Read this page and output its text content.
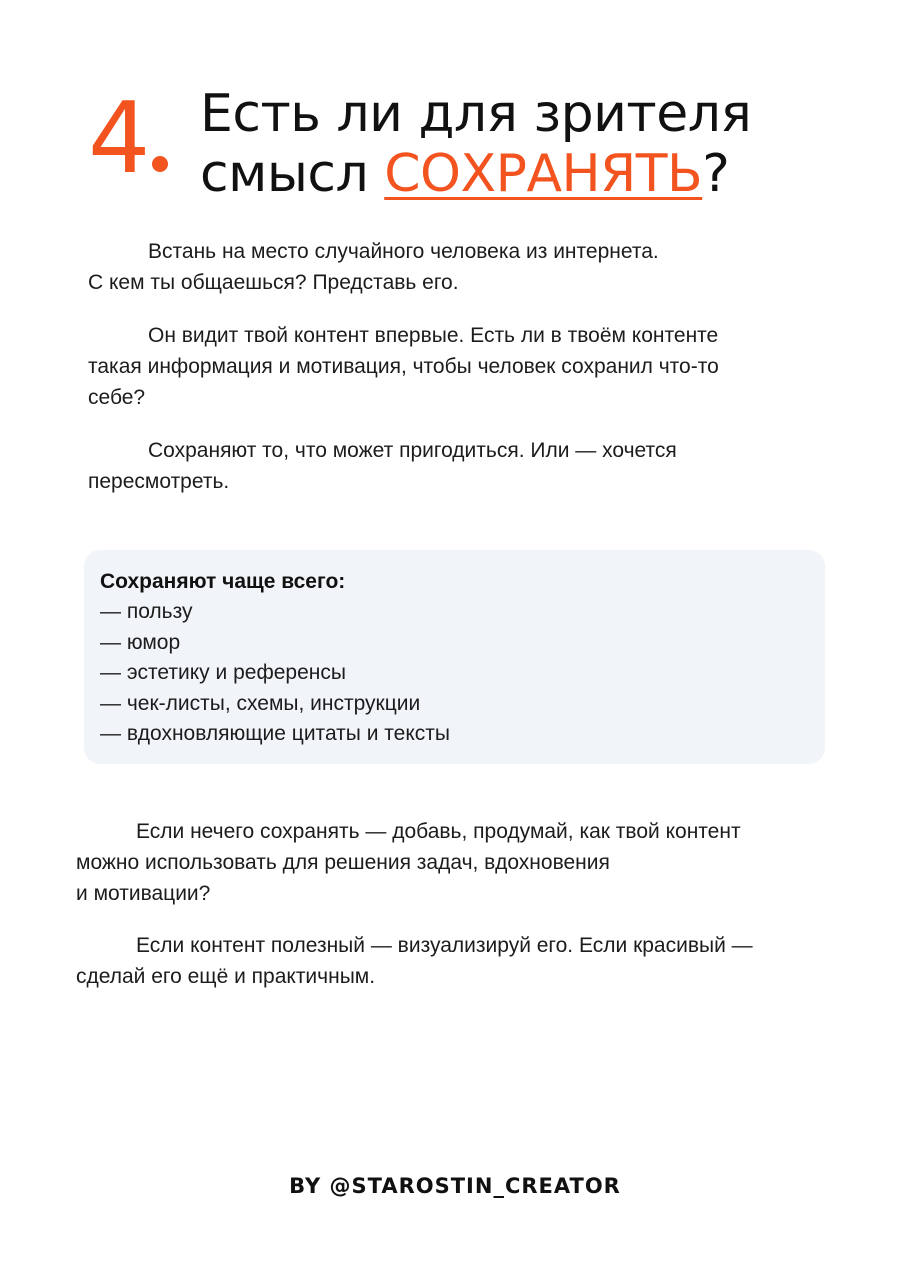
4 Есть ли для зрителя
смысл СОХРАНЯТЬ?
Встань на место случайного человека из интернета.
С кем ты общаешься? Представь его.
Он видит твой контент впервые. Есть ли в твоём контенте
такая информация и мотивация, чтобы человек сохранил что-то
себе?
Сохраняют то, что может пригодиться. Или — хочется
пересмотреть.
Сохраняют чаще всего:
— пользу
— юмор
— эстетику и референсы
— чек-листы, схемы, инструкции
— вдохновляющие цитаты и тексты
Если нечего сохранять — добавь, продумай, как твой контент
можно использовать для решения задач, вдохновения
и мотивации?
Если контент полезный — визуализируй его. Если красивый —
сделай его ещё и практичным.
BY @STAROSTIN_CREATOR
